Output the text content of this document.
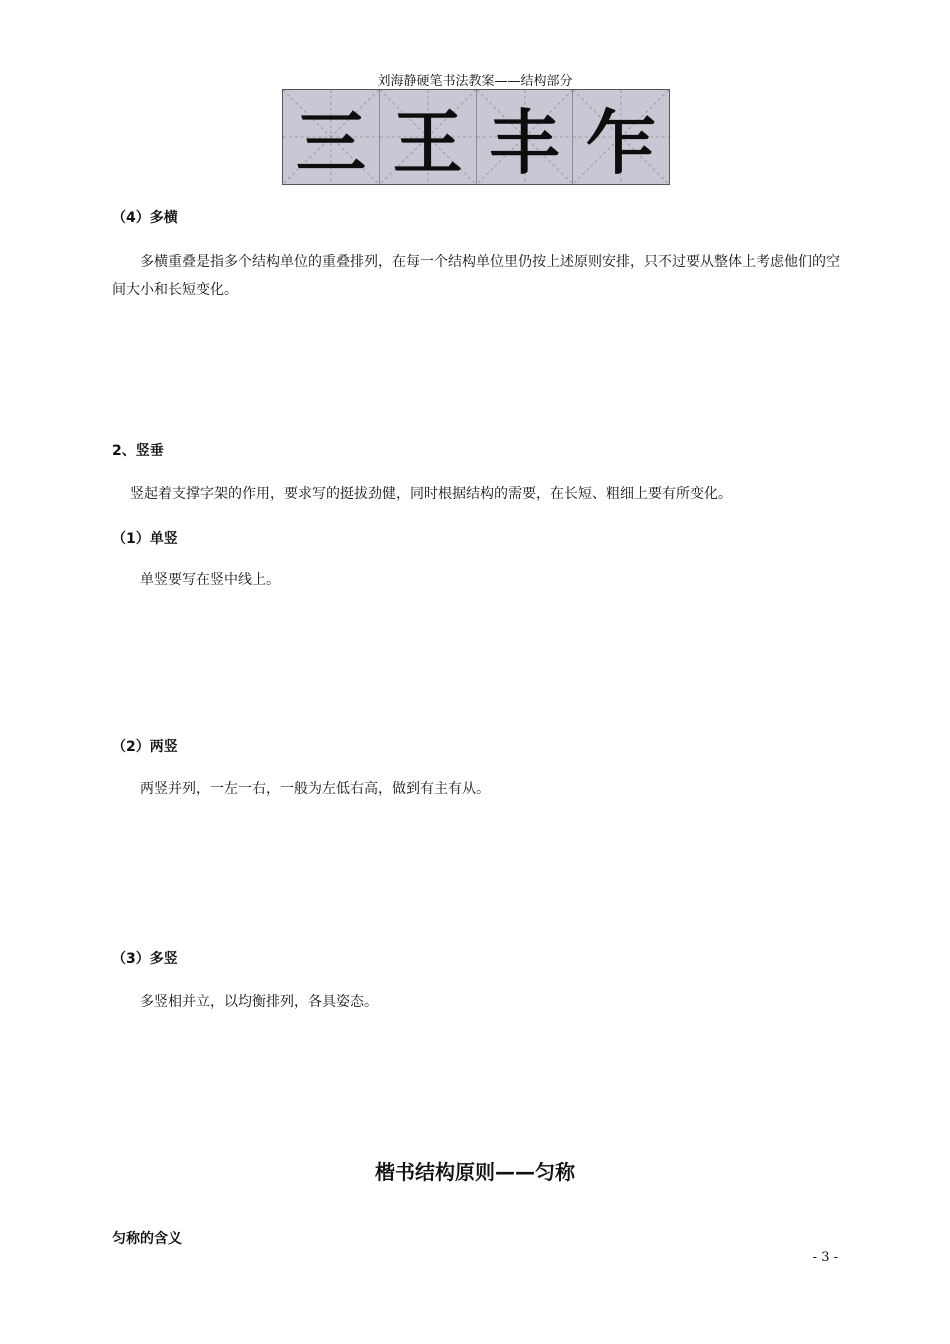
刘海静硬笔书法教案——结构部分
三 王 丰 乍
（4）多横
多横重叠是指多个结构单位的重叠排列，在每一个结构单位里仍按上述原则安排，只不过要从整体上考虑他们的空间大小和长短变化。
2、竖垂
竖起着支撑字架的作用，要求写的挺拔劲健，同时根据结构的需要，在长短、粗细上要有所变化。
（1）单竖
单竖要写在竖中线上。
（2）两竖
两竖并列，一左一右，一般为左低右高，做到有主有从。
（3）多竖
多竖相并立，以均衡排列，各具姿态。
楷书结构原则——匀称
匀称的含义
- 3 -
